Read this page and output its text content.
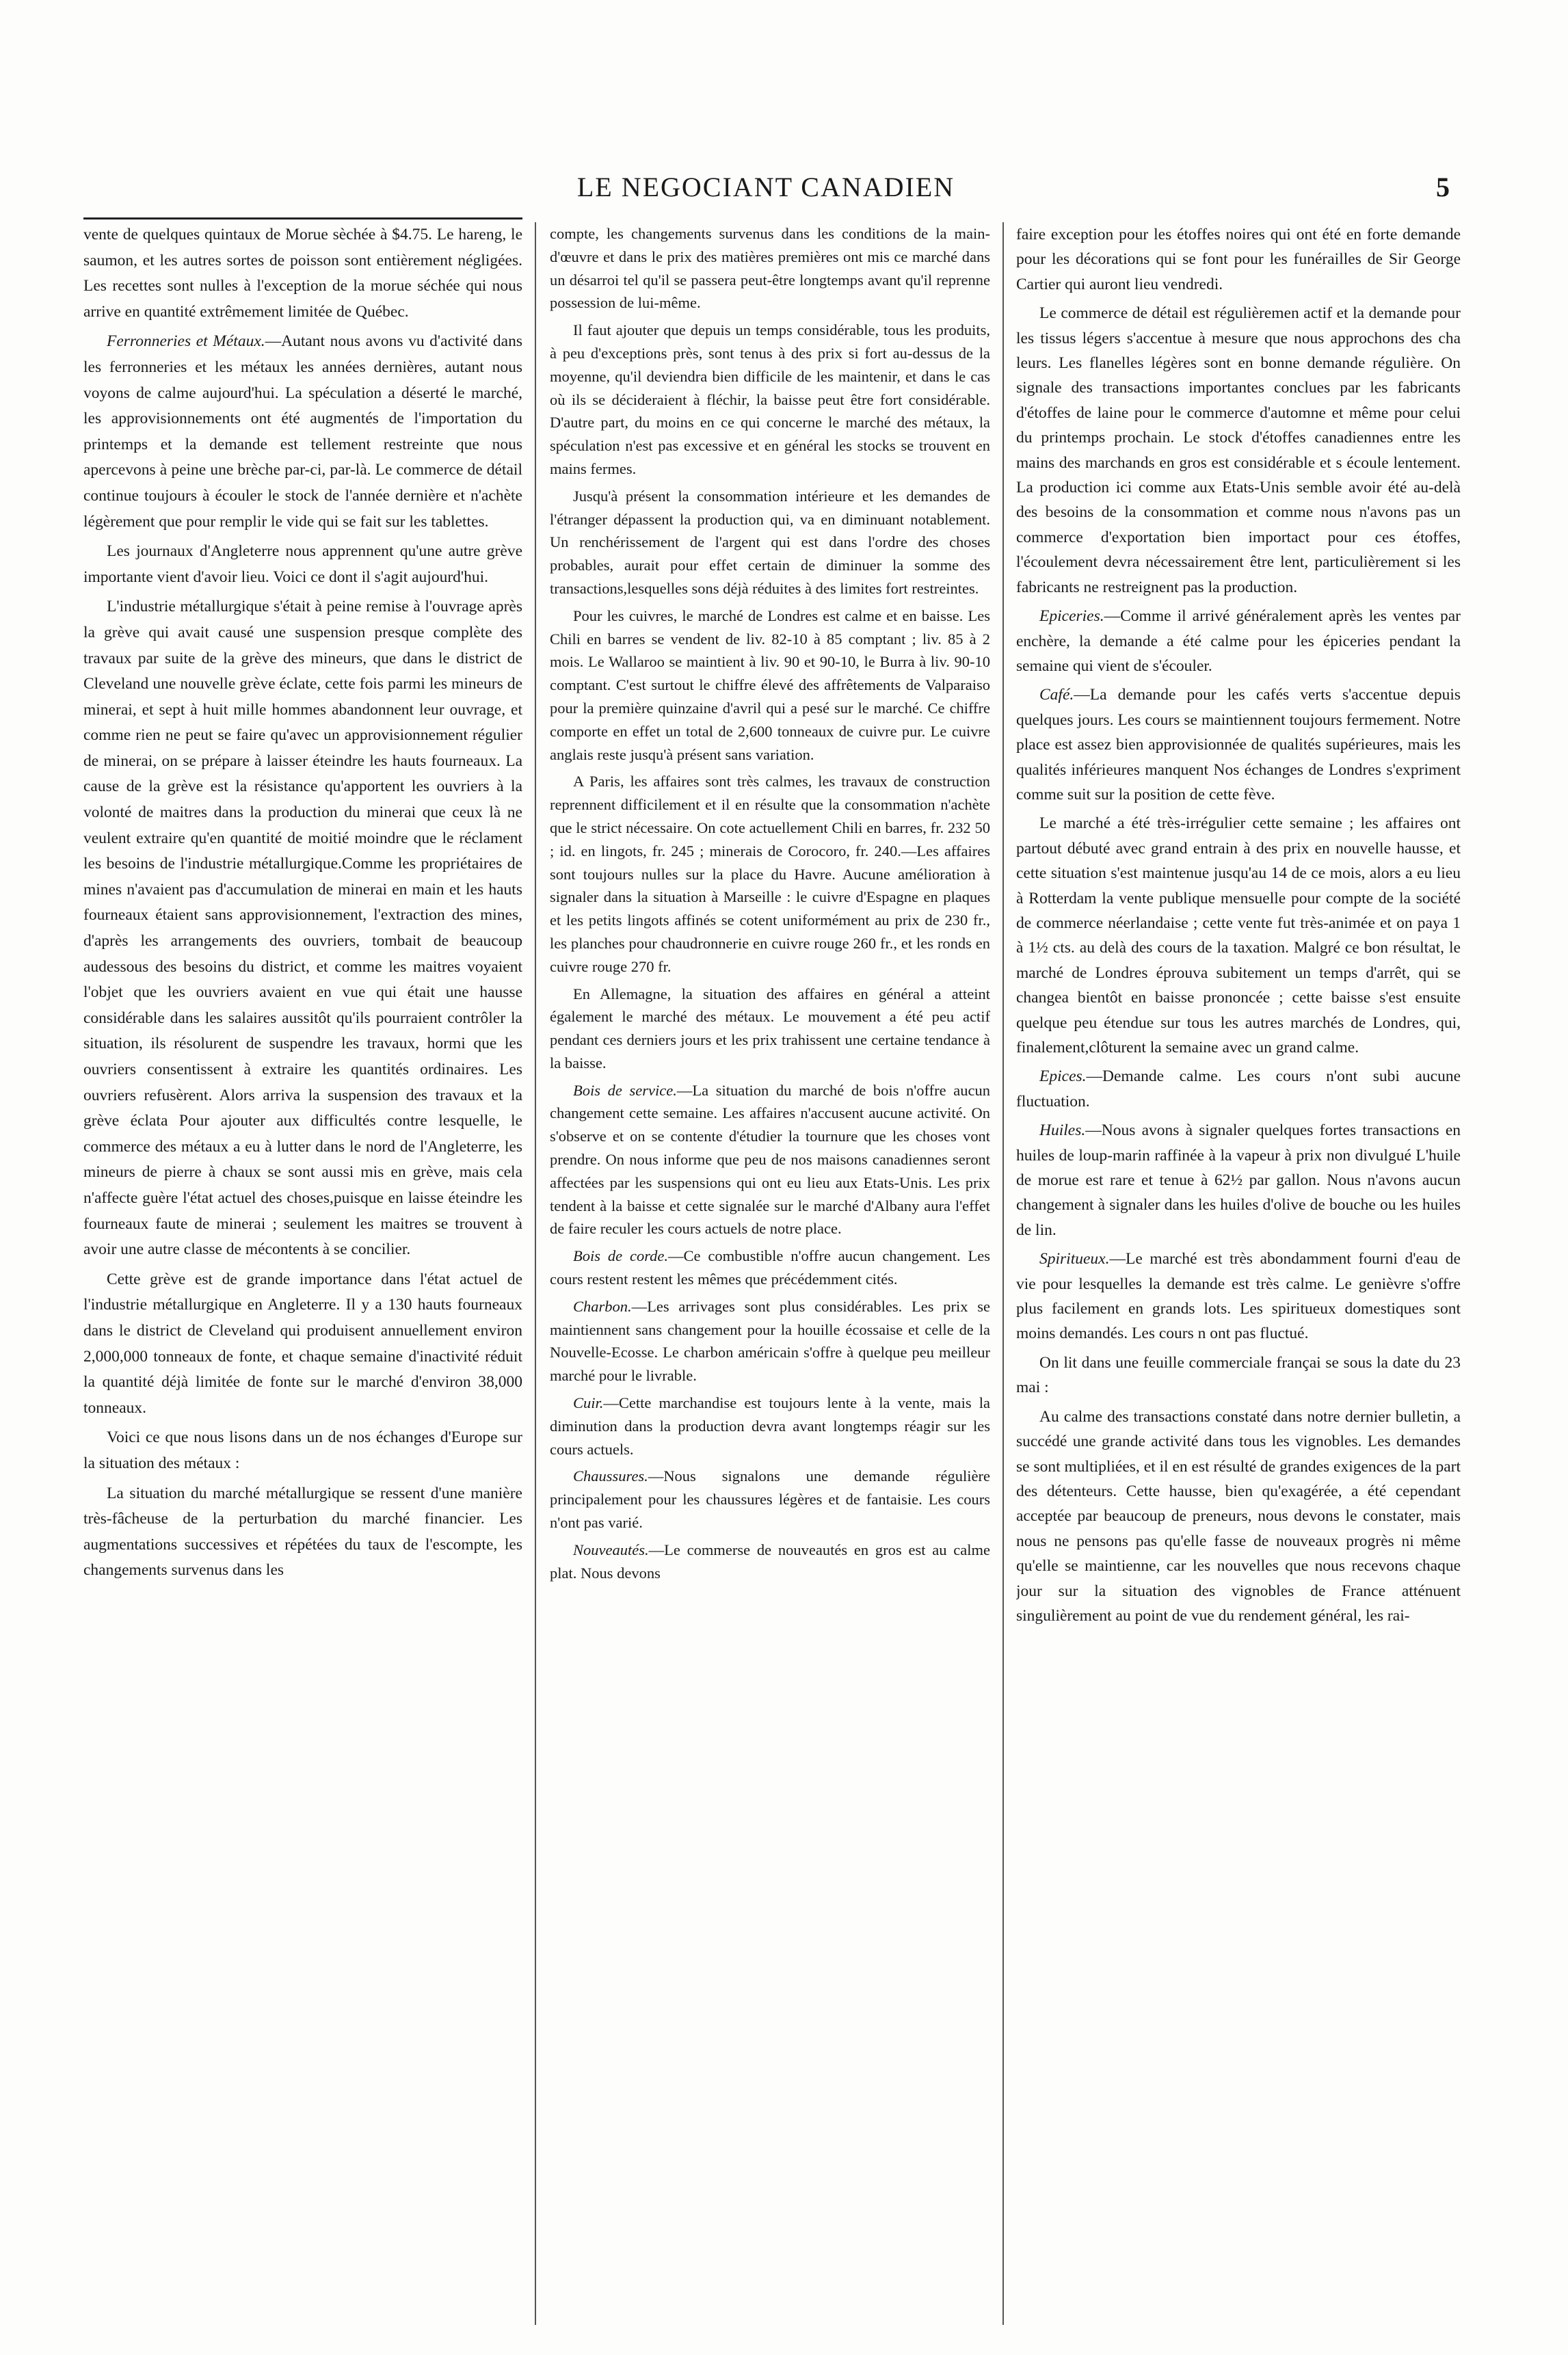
LE NEGOCIANT CANADIEN	5

vente de quelques quintaux de Morue sèchée à $4.75. Le hareng, le saumon, et les autres sortes de poisson sont entièrement négligées. Les recettes sont nulles à l'exception de la morue séchée qui nous arrive en quantité extrêmement limitée de Québec.

Ferronneries et Métaux.—Autant nous avons vu d'activité dans les ferronneries et les métaux les années dernières, autant nous voyons de calme aujourd'hui. La spéculation a déserté le marché, les approvisionnements ont été augmentés de l'importation du printemps et la demande est tellement restreinte que nous apercevons à peine une brèche par-ci, par-là. Le commerce de détail continue toujours à écouler le stock de l'année dernière et n'achète légèrement que pour remplir le vide qui se fait sur les tablettes.

Les journaux d'Angleterre nous apprennent qu'une autre grève importante vient d'avoir lieu. Voici ce dont il s'agit aujourd'hui.

L'industrie métallurgique s'était à peine remise à l'ouvrage après la grève qui avait causé une suspension presque complète des travaux par suite de la grève des mineurs, que dans le district de Cleveland une nouvelle grève éclate, cette fois parmi les mineurs de minerai, et sept à huit mille hommes abandonnent leur ouvrage, et comme rien ne peut se faire qu'avec un approvisionnement régulier de minerai, on se prépare à laisser éteindre les hauts fourneaux. La cause de la grève est la résistance qu'apportent les ouvriers à la volonté de maitres dans la production du minerai que ceux là ne veulent extraire qu'en quantité de moitié moindre que le réclament les besoins de l'industrie métallurgique.Comme les propriétaires de mines n'avaient pas d'accumulation de minerai en main et les hauts fourneaux étaient sans approvisionnement, l'extraction des mines, d'après les arrangements des ouvriers, tombait de beaucoup audessous des besoins du district, et comme les maitres voyaient l'objet que les ouvriers avaient en vue qui était une hausse considérable dans les salaires aussitôt qu'ils pourraient contrôler la situation, ils résolurent de suspendre les travaux, hormi que les ouvriers consentissent à extraire les quantités ordinaires. Les ouvriers refusèrent. Alors arriva la suspension des travaux et la grève éclata Pour ajouter aux difficultés contre lesquelle, le commerce des métaux a eu à lutter dans le nord de l'Angleterre, les mineurs de pierre à chaux se sont aussi mis en grève, mais cela n'affecte guère l'état actuel des choses,puisque en laisse éteindre les fourneaux faute de minerai ; seulement les maitres se trouvent à avoir une autre classe de mécontents à se concilier.

Cette grève est de grande importance dans l'état actuel de l'industrie métallurgique en Angleterre. Il y a 130 hauts fourneaux dans le district de Cleveland qui produisent annuellement environ 2,000,000 tonneaux de fonte, et chaque semaine d'inactivité réduit la quantité déjà limitée de fonte sur le marché d'environ 38,000 tonneaux.

Voici ce que nous lisons dans un de nos échanges d'Europe sur la situation des métaux :

La situation du marché métallurgique se ressent d'une manière très-fâcheuse de la perturbation du marché financier. Les augmentations successives et répétées du taux de l'escompte, les changements survenus dans les

compte, les changements survenus dans les conditions de la main-d'œuvre et dans le prix des matières premières ont mis ce marché dans un désarroi tel qu'il se passera peut-être longtemps avant qu'il reprenne possession de lui-même.

Il faut ajouter que depuis un temps considérable, tous les produits, à peu d'exceptions près, sont tenus à des prix si fort au-dessus de la moyenne, qu'il deviendra bien difficile de les maintenir, et dans le cas où ils se décideraient à fléchir, la baisse peut être fort considérable. D'autre part, du moins en ce qui concerne le marché des métaux, la spéculation n'est pas excessive et en général les stocks se trouvent en mains fermes.

Jusqu'à présent la consommation intérieure et les demandes de l'étranger dépassent la production qui, va en diminuant notablement. Un renchérissement de l'argent qui est dans l'ordre des choses probables, aurait pour effet certain de diminuer la somme des transactions,lesquelles sons déjà réduites à des limites fort restreintes.

Pour les cuivres, le marché de Londres est calme et en baisse. Les Chili en barres se vendent de liv. 82-10 à 85 comptant ; liv. 85 à 2 mois. Le Wallaroo se maintient à liv. 90 et 90-10, le Burra à liv. 90-10 comptant. C'est surtout le chiffre élevé des affrêtements de Valparaiso pour la première quinzaine d'avril qui a pesé sur le marché. Ce chiffre comporte en effet un total de 2,600 tonneaux de cuivre pur. Le cuivre anglais reste jusqu'à présent sans variation.

A Paris, les affaires sont très calmes, les travaux de construction reprennent difficilement et il en résulte que la consommation n'achète que le strict nécessaire. On cote actuellement Chili en barres, fr. 232 50 ; id. en lingots, fr. 245 ; minerais de Corocoro, fr. 240.—Les affaires sont toujours nulles sur la place du Havre. Aucune amélioration à signaler dans la situation à Marseille : le cuivre d'Espagne en plaques et les petits lingots affinés se cotent uniformément au prix de 230 fr., les planches pour chaudronnerie en cuivre rouge 260 fr., et les ronds en cuivre rouge 270 fr.

En Allemagne, la situation des affaires en général a atteint également le marché des métaux. Le mouvement a été peu actif pendant ces derniers jours et les prix trahissent une certaine tendance à la baisse.

Bois de service.—La situation du marché de bois n'offre aucun changement cette semaine. Les affaires n'accusent aucune activité. On s'observe et on se contente d'étudier la tournure que les choses vont prendre. On nous informe que peu de nos maisons canadiennes seront affectées par les suspensions qui ont eu lieu aux Etats-Unis. Les prix tendent à la baisse et cette signalée sur le marché d'Albany aura l'effet de faire reculer les cours actuels de notre place.

Bois de corde.—Ce combustible n'offre aucun changement. Les cours restent restent les mêmes que précédemment cités.

Charbon.—Les arrivages sont plus considérables. Les prix se maintiennent sans changement pour la houille écossaise et celle de la Nouvelle-Ecosse. Le charbon américain s'offre à quelque peu meilleur marché pour le livrable.

Cuir.—Cette marchandise est toujours lente à la vente, mais la diminution dans la production devra avant longtemps réagir sur les cours actuels.

Chaussures.—Nous signalons une demande régulière principalement pour les chaussures légères et de fantaisie. Les cours n'ont pas varié.

Nouveautés.—Le commerse de nouveautés en gros est au calme plat. Nous devons

faire exception pour les étoffes noires qui ont été en forte demande pour les décorations qui se font pour les funérailles de Sir George Cartier qui auront lieu vendredi.

Le commerce de détail est régulièremen actif et la demande pour les tissus légers s'accentue à mesure que nous approchons des cha leurs. Les flanelles légères sont en bonne demande régulière. On signale des transactions importantes conclues par les fabricants d'étoffes de laine pour le commerce d'automne et même pour celui du printemps prochain. Le stock d'étoffes canadiennes entre les mains des marchands en gros est considérable et s écoule lentement. La production ici comme aux Etats-Unis semble avoir été au-delà des besoins de la consommation et comme nous n'avons pas un commerce d'exportation bien importact pour ces étoffes, l'écoulement devra nécessairement être lent, particulièrement si les fabricants ne restreignent pas la production.

Epiceries.—Comme il arrivé généralement après les ventes par enchère, la demande a été calme pour les épiceries pendant la semaine qui vient de s'écouler.

Café.—La demande pour les cafés verts s'accentue depuis quelques jours. Les cours se maintiennent toujours fermement. Notre place est assez bien approvisionnée de qualités supérieures, mais les qualités inférieures manquent Nos échanges de Londres s'expriment comme suit sur la position de cette fève.

Le marché a été très-irrégulier cette semaine ; les affaires ont partout débuté avec grand entrain à des prix en nouvelle hausse, et cette situation s'est maintenue jusqu'au 14 de ce mois, alors a eu lieu à Rotterdam la vente publique mensuelle pour compte de la société de commerce néerlandaise ; cette vente fut très-animée et on paya 1 à 1½ cts. au delà des cours de la taxation. Malgré ce bon résultat, le marché de Londres éprouva subitement un temps d'arrêt, qui se changea bientôt en baisse prononcée ; cette baisse s'est ensuite quelque peu étendue sur tous les autres marchés de Londres, qui, finalement,clôturent la semaine avec un grand calme.

Epices.—Demande calme. Les cours n'ont subi aucune fluctuation.

Huiles.—Nous avons à signaler quelques fortes transactions en huiles de loup-marin raffinée à la vapeur à prix non divulgué L'huile de morue est rare et tenue à 62½ par gallon. Nous n'avons aucun changement à signaler dans les huiles d'olive de bouche ou les huiles de lin.

Spiritueux.—Le marché est très abondamment fourni d'eau de vie pour lesquelles la demande est très calme. Le genièvre s'offre plus facilement en grands lots. Les spiritueux domestiques sont moins demandés. Les cours n ont pas fluctué.

On lit dans une feuille commerciale françai se sous la date du 23 mai :

Au calme des transactions constaté dans notre dernier bulletin, a succédé une grande activité dans tous les vignobles. Les demandes se sont multipliées, et il en est résulté de grandes exigences de la part des détenteurs. Cette hausse, bien qu'exagérée, a été cependant acceptée par beaucoup de preneurs, nous devons le constater, mais nous ne pensons pas qu'elle fasse de nouveaux progrès ni même qu'elle se maintienne, car les nouvelles que nous recevons chaque jour sur la situation des vignobles de France atténuent singulièrement au point de vue du rendement général, les rai-
